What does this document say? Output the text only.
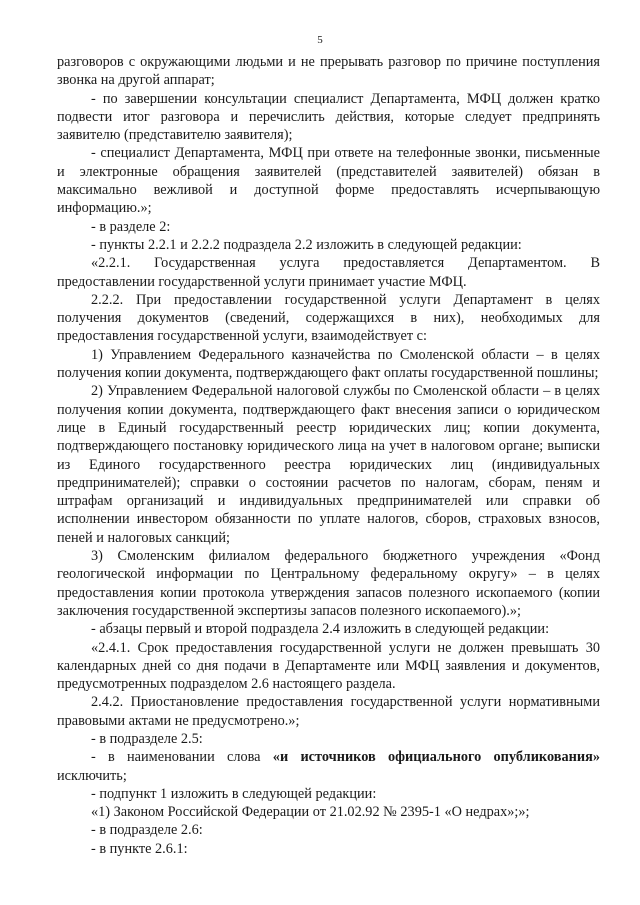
5

разговоров с окружающими людьми и не прерывать разговор по причине поступления звонка на другой аппарат;

- по завершении консультации специалист Департамента, МФЦ должен кратко подвести итог разговора и перечислить действия, которые следует предпринять заявителю (представителю заявителя);

- специалист Департамента, МФЦ при ответе на телефонные звонки, письменные и электронные обращения заявителей (представителей заявителей) обязан в максимально вежливой и доступной форме предоставлять исчерпывающую информацию.»;

- в разделе 2:

- пункты 2.2.1 и 2.2.2 подраздела 2.2 изложить в следующей редакции:

«2.2.1. Государственная услуга предоставляется Департаментом. В предоставлении государственной услуги принимает участие МФЦ.

2.2.2. При предоставлении государственной услуги Департамент в целях получения документов (сведений, содержащихся в них), необходимых для предоставления государственной услуги, взаимодействует с:

1) Управлением Федерального казначейства по Смоленской области – в целях получения копии документа, подтверждающего факт оплаты государственной пошлины;

2) Управлением Федеральной налоговой службы по Смоленской области – в целях получения копии документа, подтверждающего факт внесения записи о юридическом лице в Единый государственный реестр юридических лиц; копии документа, подтверждающего постановку юридического лица на учет в налоговом органе; выписки из Единого государственного реестра юридических лиц (индивидуальных предпринимателей); справки о состоянии расчетов по налогам, сборам, пеням и штрафам организаций и индивидуальных предпринимателей или справки об исполнении инвестором обязанности по уплате налогов, сборов, страховых взносов, пеней и налоговых санкций;

3) Смоленским филиалом федерального бюджетного учреждения «Фонд геологической информации по Центральному федеральному округу» – в целях предоставления копии протокола утверждения запасов полезного ископаемого (копии заключения государственной экспертизы запасов полезного ископаемого).»;

- абзацы первый и второй подраздела 2.4 изложить в следующей редакции:

«2.4.1. Срок предоставления государственной услуги не должен превышать 30 календарных дней со дня подачи в Департаменте или МФЦ заявления и документов, предусмотренных подразделом 2.6 настоящего раздела.

2.4.2. Приостановление предоставления государственной услуги нормативными правовыми актами не предусмотрено.»;

- в подразделе 2.5:

- в наименовании слова «и источников официального опубликования» исключить;

- подпункт 1 изложить в следующей редакции:

«1) Законом Российской Федерации от 21.02.92 № 2395-1 «О недрах»;»;

- в подразделе 2.6:

- в пункте 2.6.1:
